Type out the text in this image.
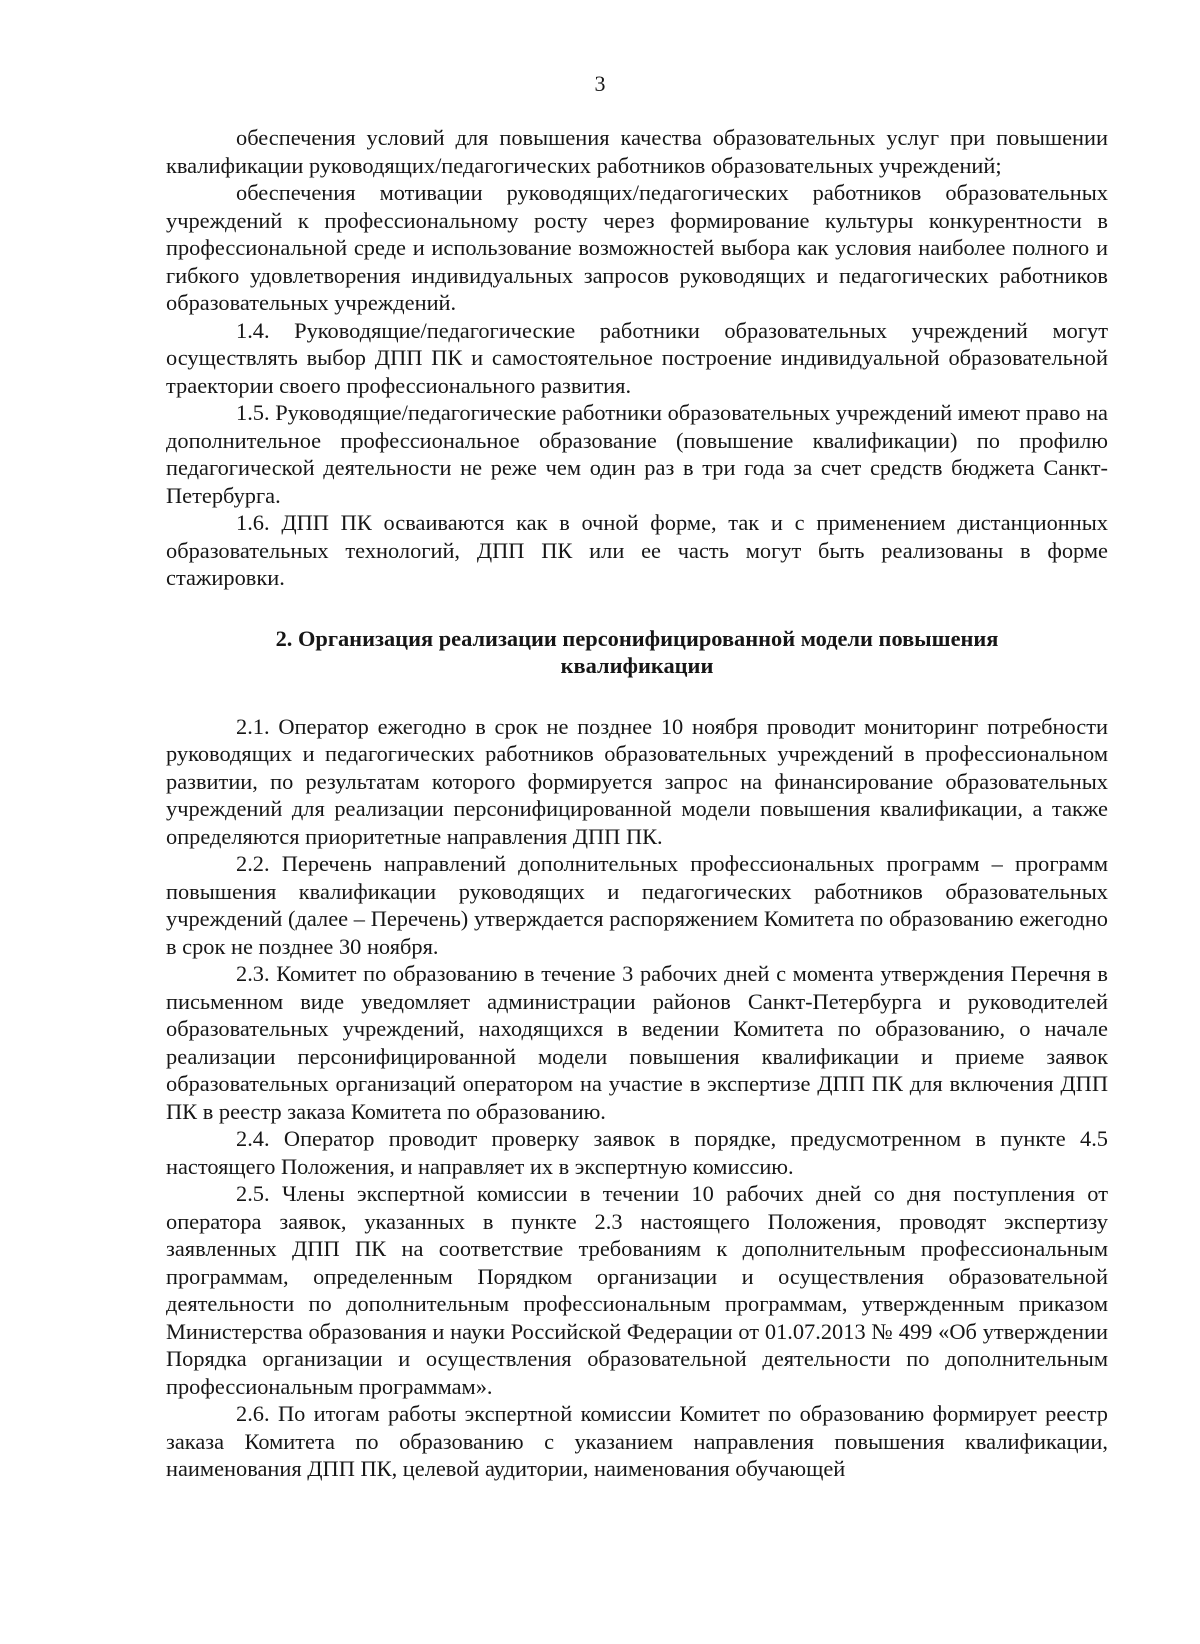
3

обеспечения условий для повышения качества образовательных услуг при повышении квалификации руководящих/педагогических работников образовательных учреждений;

обеспечения мотивации руководящих/педагогических работников образовательных учреждений к профессиональному росту через формирование культуры конкурентности в профессиональной среде и использование возможностей выбора как условия наиболее полного и гибкого удовлетворения индивидуальных запросов руководящих и педагогических работников образовательных учреждений.

1.4. Руководящие/педагогические работники образовательных учреждений могут осуществлять выбор ДПП ПК и самостоятельное построение индивидуальной образовательной траектории своего профессионального развития.

1.5. Руководящие/педагогические работники образовательных учреждений имеют право на дополнительное профессиональное образование (повышение квалификации) по профилю педагогической деятельности не реже чем один раз в три года за счет средств бюджета Санкт-Петербурга.

1.6. ДПП ПК осваиваются как в очной форме, так и с применением дистанционных образовательных технологий, ДПП ПК или ее часть могут быть реализованы в форме стажировки.

2. Организация реализации персонифицированной модели повышения квалификации

2.1. Оператор ежегодно в срок не позднее 10 ноября проводит мониторинг потребности руководящих и педагогических работников образовательных учреждений в профессиональном развитии, по результатам которого формируется запрос на финансирование образовательных учреждений для реализации персонифицированной модели повышения квалификации, а также определяются приоритетные направления ДПП ПК.

2.2. Перечень направлений дополнительных профессиональных программ – программ повышения квалификации руководящих и педагогических работников образовательных учреждений (далее – Перечень) утверждается распоряжением Комитета по образованию ежегодно в срок не позднее 30 ноября.

2.3. Комитет по образованию в течение 3 рабочих дней с момента утверждения Перечня в письменном виде уведомляет администрации районов Санкт-Петербурга и руководителей образовательных учреждений, находящихся в ведении Комитета по образованию, о начале реализации персонифицированной модели повышения квалификации и приеме заявок образовательных организаций оператором на участие в экспертизе ДПП ПК для включения ДПП ПК в реестр заказа Комитета по образованию.

2.4. Оператор проводит проверку заявок в порядке, предусмотренном в пункте 4.5 настоящего Положения, и направляет их в экспертную комиссию.

2.5. Члены экспертной комиссии в течении 10 рабочих дней со дня поступления от оператора заявок, указанных в пункте 2.3 настоящего Положения, проводят экспертизу заявленных ДПП ПК на соответствие требованиям к дополнительным профессиональным программам, определенным Порядком организации и осуществления образовательной деятельности по дополнительным профессиональным программам, утвержденным приказом Министерства образования и науки Российской Федерации от 01.07.2013 № 499 «Об утверждении Порядка организации и осуществления образовательной деятельности по дополнительным профессиональным программам».

2.6. По итогам работы экспертной комиссии Комитет по образованию формирует реестр заказа Комитета по образованию с указанием направления повышения квалификации, наименования ДПП ПК, целевой аудитории, наименования обучающей
